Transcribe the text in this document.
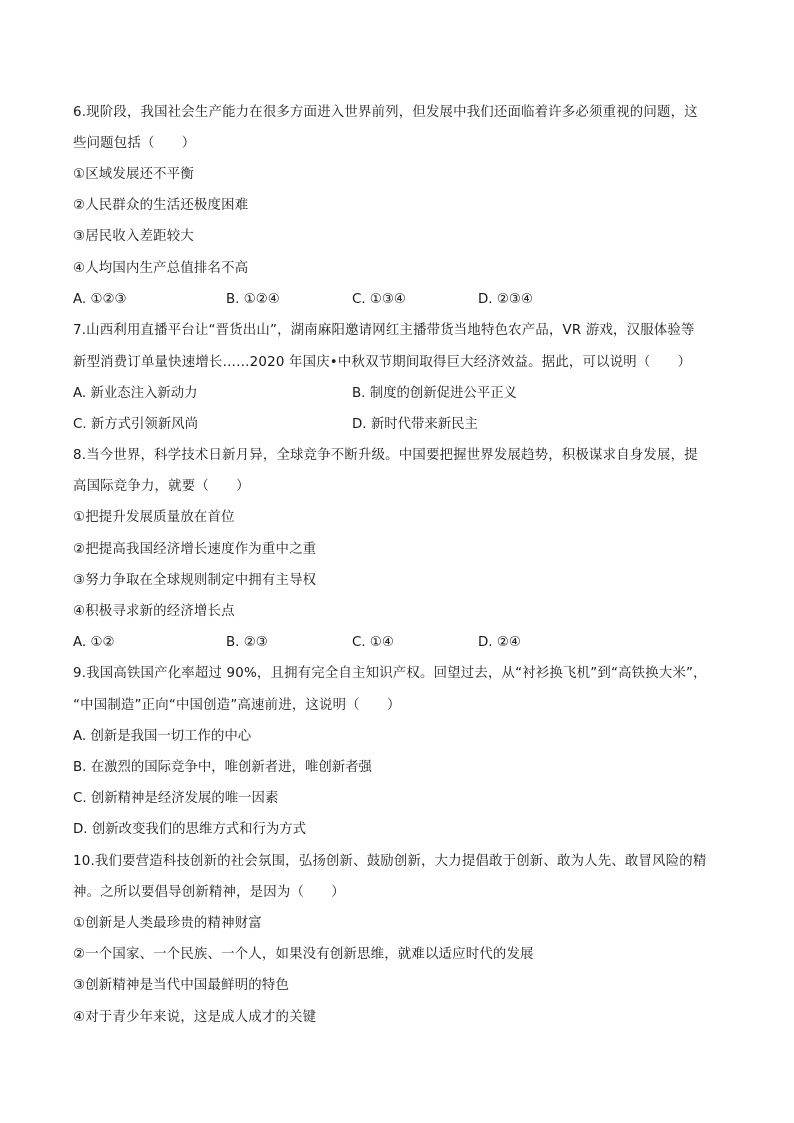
6.现阶段，我国社会生产能力在很多方面进入世界前列，但发展中我们还面临着许多必须重视的问题，这
些问题包括（　　）
①区域发展还不平衡
②人民群众的生活还极度困难
③居民收入差距较大
④人均国内生产总值排名不高
A. ①②③	B. ①②④	C. ①③④	D. ②③④
7.山西利用直播平台让“晋货出山”，湖南麻阳邀请网红主播带货当地特色农产品，VR 游戏，汉服体验等
新型消费订单量快速增长……2020 年国庆•中秋双节期间取得巨大经济效益。据此，可以说明（　　）
A. 新业态注入新动力	B. 制度的创新促进公平正义
C. 新方式引领新风尚	D. 新时代带来新民主
8.当今世界，科学技术日新月异，全球竞争不断升级。中国要把握世界发展趋势，积极谋求自身发展，提
高国际竞争力，就要（　　）
①把提升发展质量放在首位
②把提高我国经济增长速度作为重中之重
③努力争取在全球规则制定中拥有主导权
④积极寻求新的经济增长点
A. ①②	B. ②③	C. ①④	D. ②④
9.我国高铁国产化率超过 90%，且拥有完全自主知识产权。回望过去，从“衬衫换飞机”到“高铁换大米”，
“中国制造”正向“中国创造”高速前进，这说明（　　）
A. 创新是我国一切工作的中心
B. 在激烈的国际竞争中，唯创新者进，唯创新者强
C. 创新精神是经济发展的唯一因素
D. 创新改变我们的思维方式和行为方式
10.我们要营造科技创新的社会氛围，弘扬创新、鼓励创新，大力提倡敢于创新、敢为人先、敢冒风险的精
神。之所以要倡导创新精神，是因为（　　）
①创新是人类最珍贵的精神财富
②一个国家、一个民族、一个人，如果没有创新思维，就难以适应时代的发展
③创新精神是当代中国最鲜明的特色
④对于青少年来说，这是成人成才的关键
